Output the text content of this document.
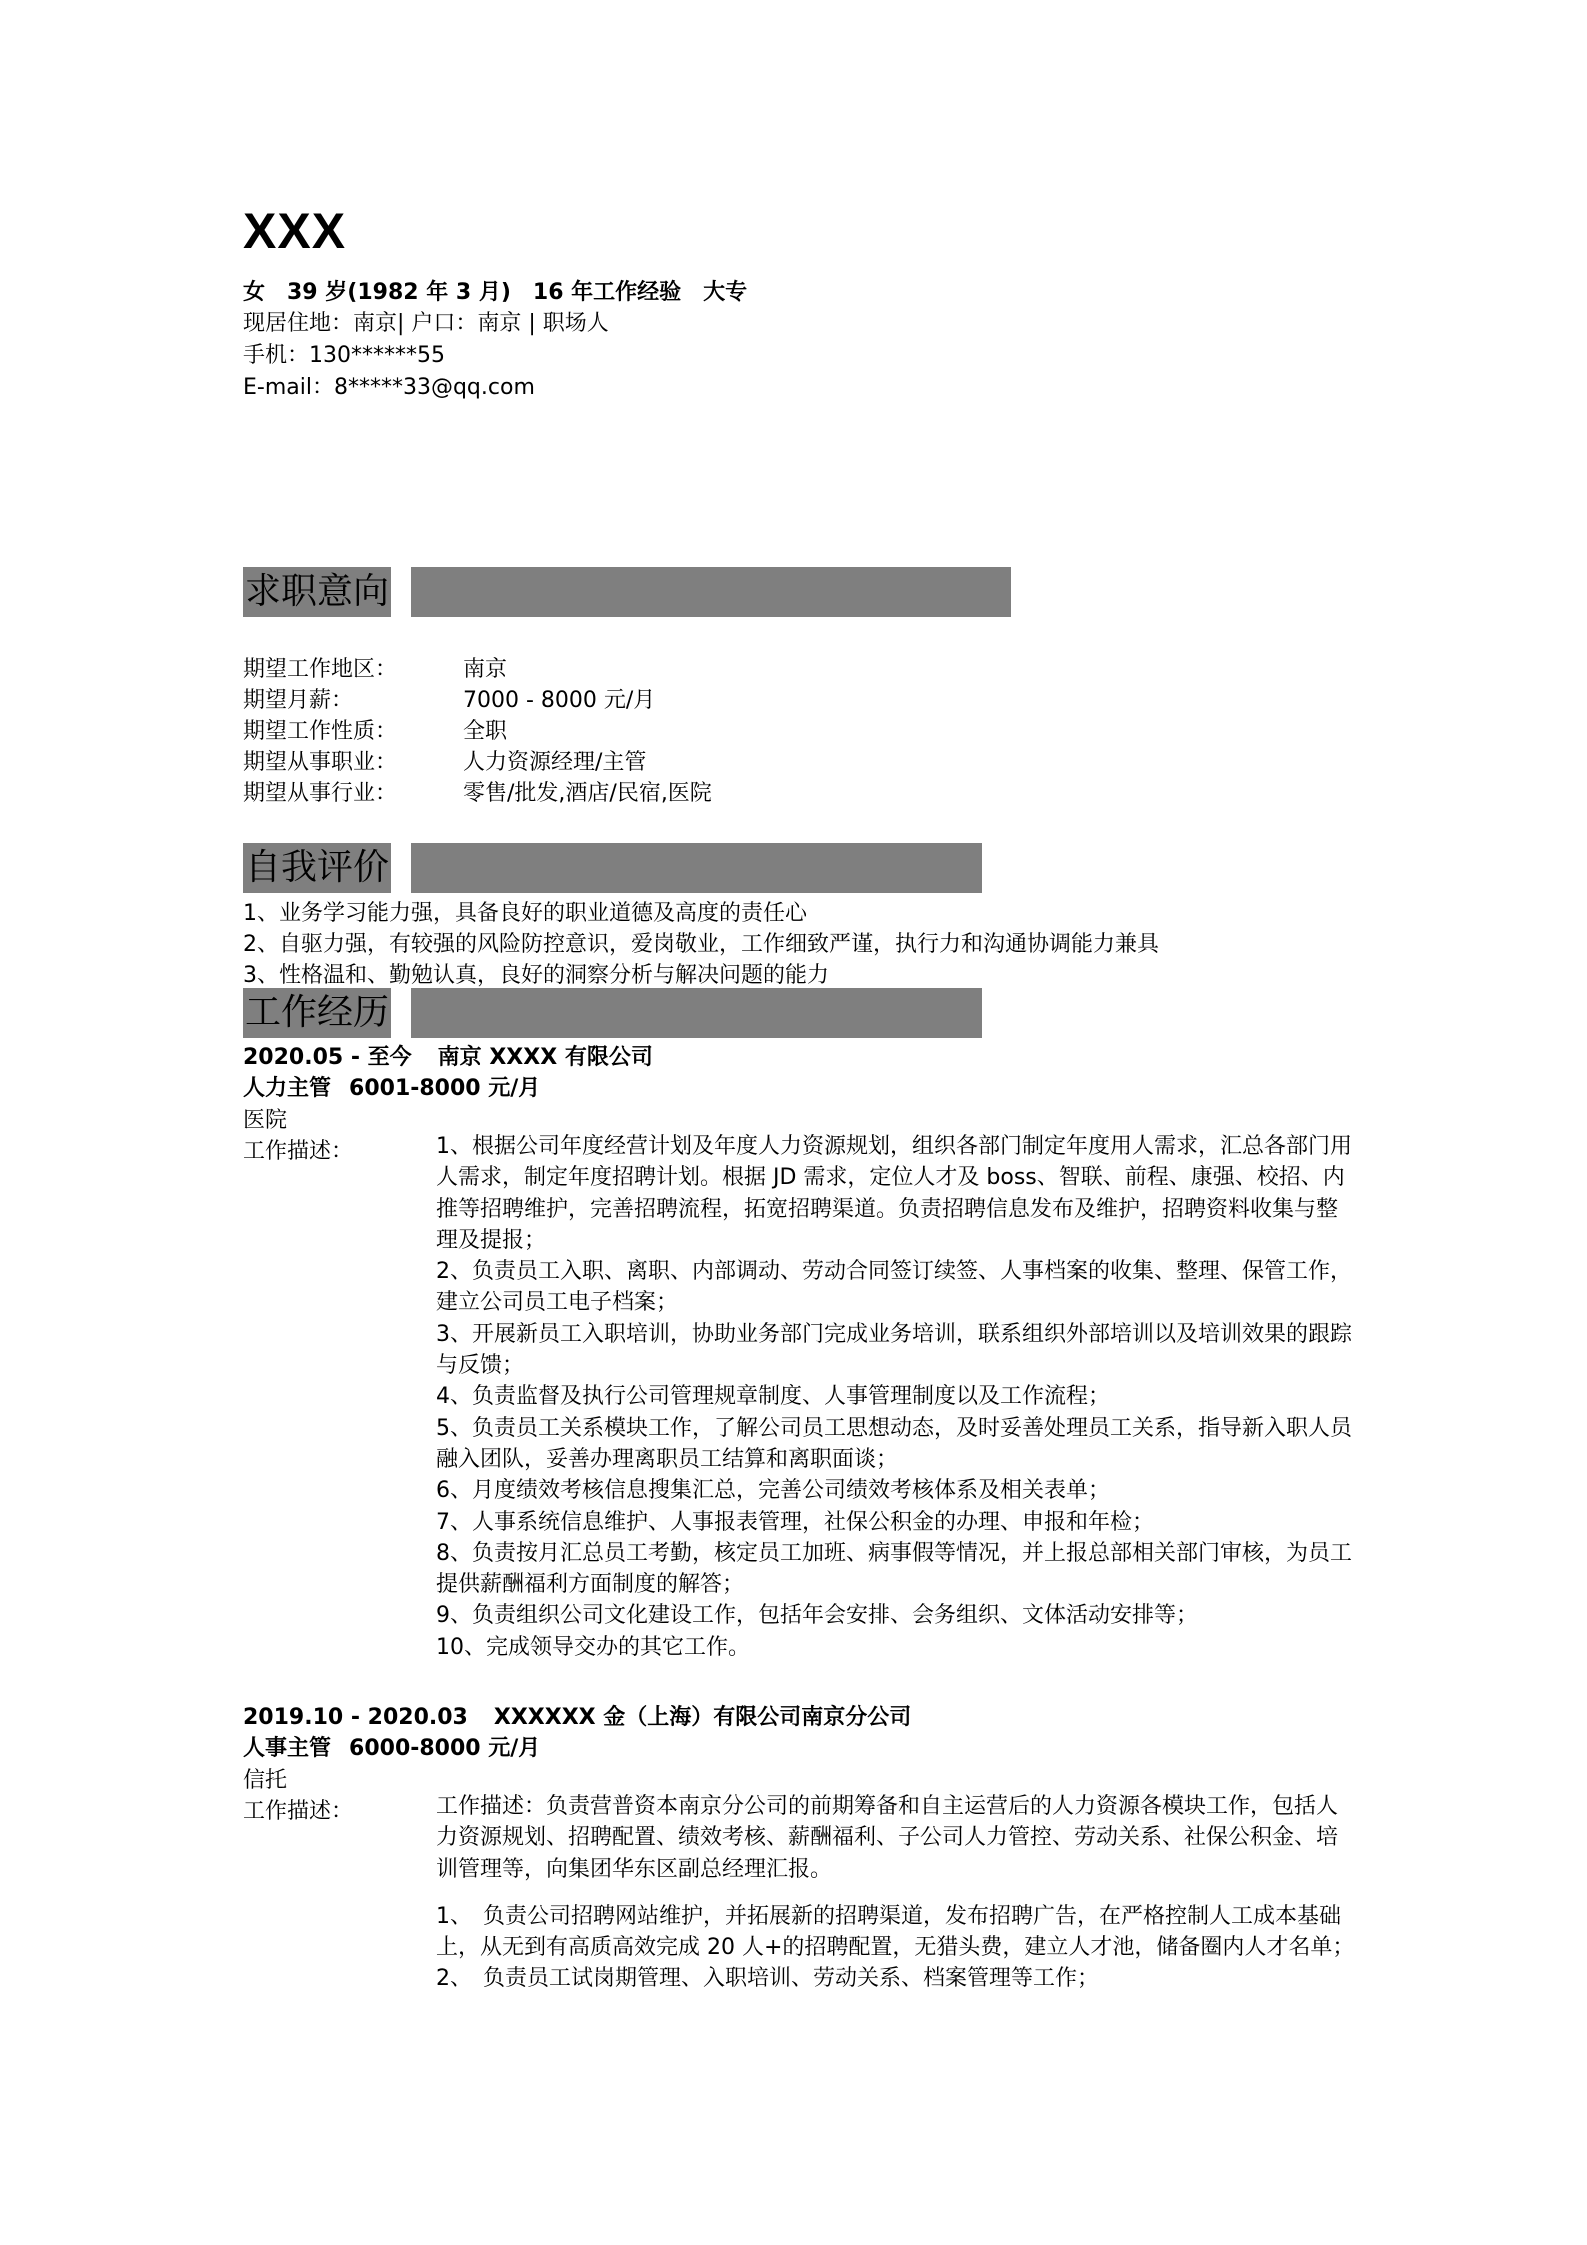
XXX
女　39 岁(1982 年 3 月)　16 年工作经验　大专
现居住地：南京| 户口：南京 | 职场人
手机：130******55
E-mail：8*****33@qq.com
求职意向
期望工作地区：	南京
期望月薪：	7000 - 8000 元/月
期望工作性质：	全职
期望从事职业：	人力资源经理/主管
期望从事行业：	零售/批发,酒店/民宿,医院
自我评价
1、业务学习能力强，具备良好的职业道德及高度的责任心
2、自驱力强，有较强的风险防控意识，爱岗敬业，工作细致严谨，执行力和沟通协调能力兼具
3、性格温和、勤勉认真，良好的洞察分析与解决问题的能力
工作经历
2020.05 - 至今 南京 XXXX 有限公司
人力主管 6001-8000 元/月
医院
工作描述：	1、根据公司年度经营计划及年度人力资源规划，组织各部门制定年度用人需求，汇总各部门用人需求，制定年度招聘计划。根据 JD 需求，定位人才及 boss、智联、前程、康强、校招、内推等招聘维护，完善招聘流程，拓宽招聘渠道。负责招聘信息发布及维护，招聘资料收集与整理及提报；

2、负责员工入职、离职、内部调动、劳动合同签订续签、人事档案的收集、整理、保管工作，建立公司员工电子档案；

3、开展新员工入职培训，协助业务部门完成业务培训，联系组织外部培训以及培训效果的跟踪与反馈；

4、负责监督及执行公司管理规章制度、人事管理制度以及工作流程；

5、负责员工关系模块工作，了解公司员工思想动态，及时妥善处理员工关系，指导新入职人员融入团队，妥善办理离职员工结算和离职面谈；

6、月度绩效考核信息搜集汇总，完善公司绩效考核体系及相关表单；

7、人事系统信息维护、人事报表管理，社保公积金的办理、申报和年检；

8、负责按月汇总员工考勤，核定员工加班、病事假等情况，并上报总部相关部门审核，为员工提供薪酬福利方面制度的解答；

9、负责组织公司文化建设工作，包括年会安排、会务组织、文体活动安排等；

10、完成领导交办的其它工作。

2019.10 - 2020.03 XXXXXX 金（上海）有限公司南京分公司
人事主管 6000-8000 元/月
信托
工作描述：	工作描述：负责营普资本南京分公司的前期筹备和自主运营后的人力资源各模块工作，包括人力资源规划、招聘配置、绩效考核、薪酬福利、子公司人力管控、劳动关系、社保公积金、培训管理等，向集团华东区副总经理汇报。

1、　负责公司招聘网站维护，并拓展新的招聘渠道，发布招聘广告，在严格控制人工成本基础上，从无到有高质高效完成 20 人+的招聘配置，无猎头费，建立人才池，储备圈内人才名单；

2、　负责员工试岗期管理、入职培训、劳动关系、档案管理等工作；
